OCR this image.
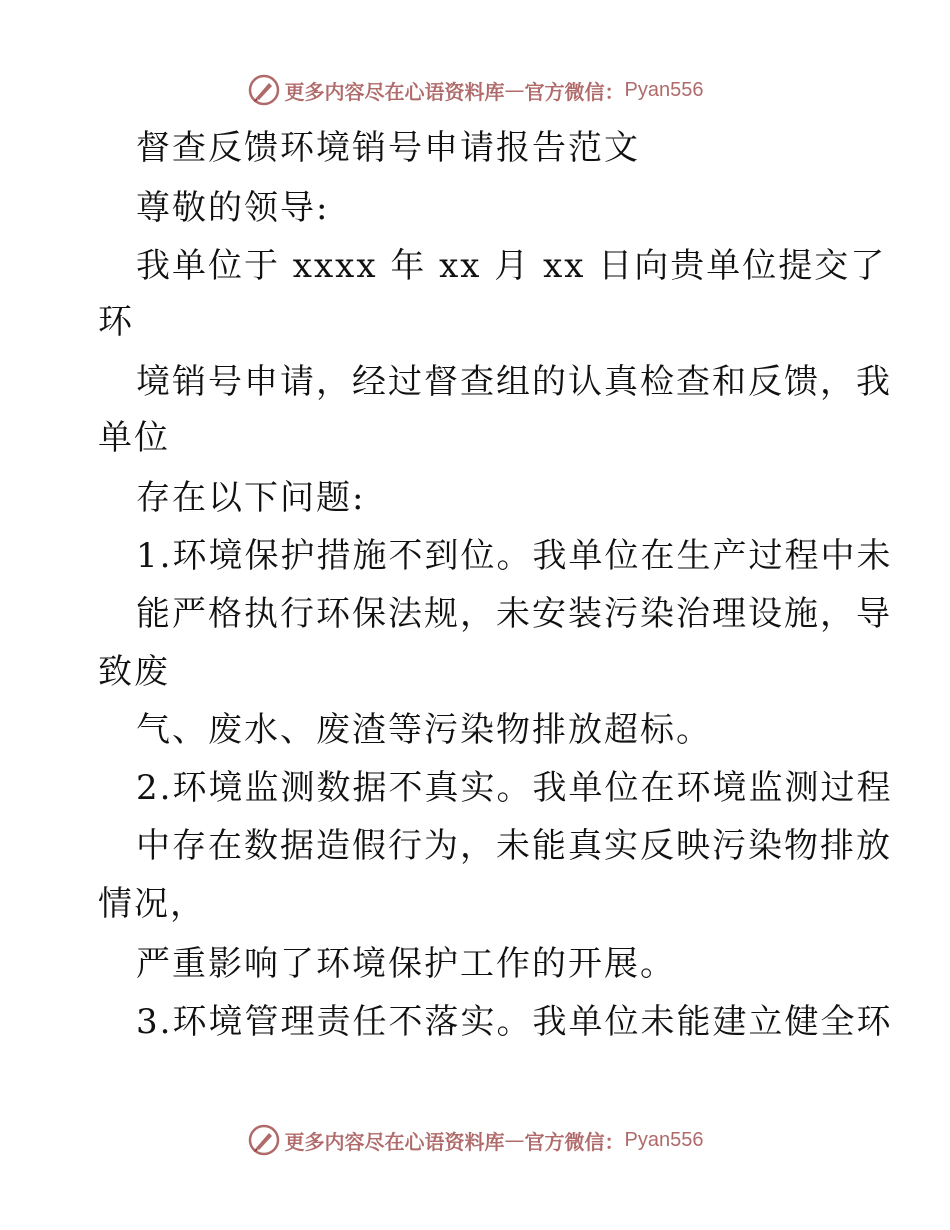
更多内容尽在心语资料库 — 官方微信： Pyan556
督查反馈环境销号申请报告范文
尊敬的领导:
我单位于 xxxx 年 xx 月 xx 日向贵单位提交了
环
境销号申请，经过督查组的认真检查和反馈，我
单位
存在以下问题:
1.环境保护措施不到位。我单位在生产过程中未
能严格执行环保法规，未安装污染治理设施，导
致废
气、废水、废渣等污染物排放超标。
2.环境监测数据不真实。我单位在环境监测过程
中存在数据造假行为，未能真实反映污染物排放
情况，
严重影响了环境保护工作的开展。
3.环境管理责任不落实。我单位未能建立健全环
更多内容尽在心语资料库 — 官方微信： Pyan556
